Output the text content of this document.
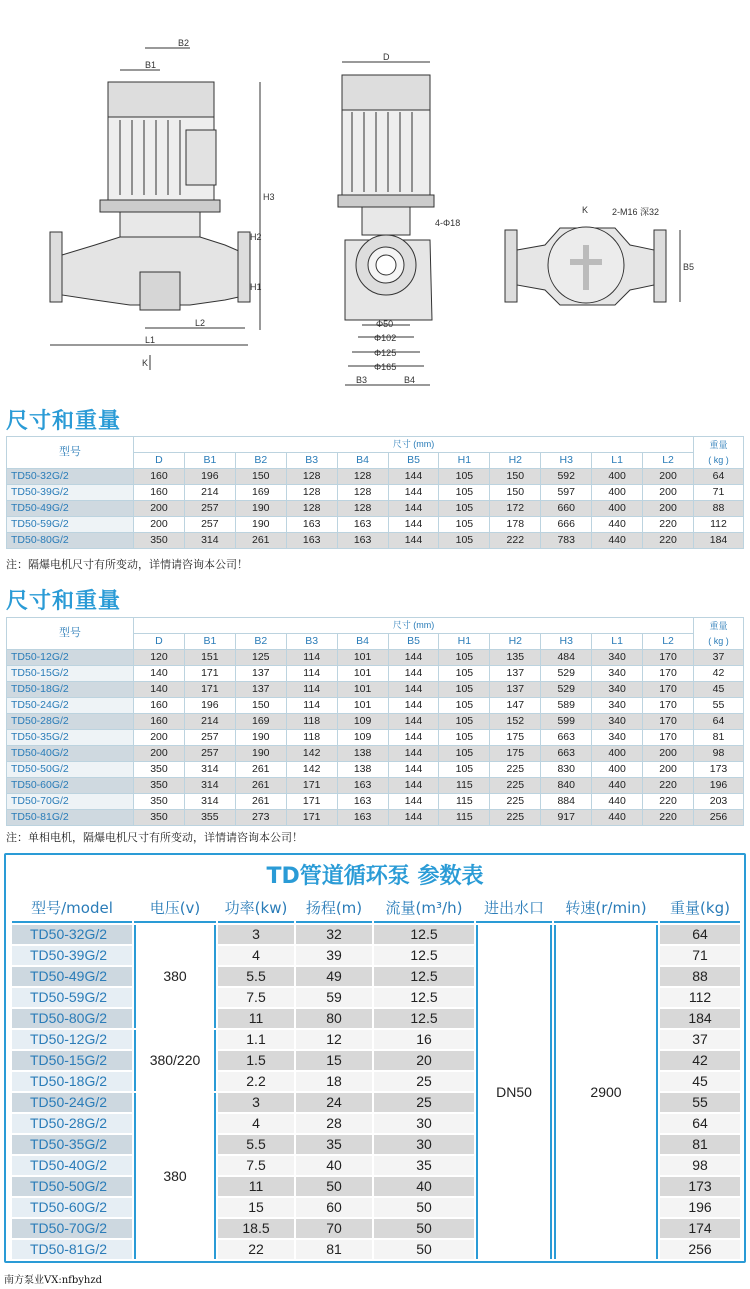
B2
B1
H3
H2
H1
L2
L1
K
D
4-Φ18
Φ50
Φ102
Φ125
Φ165
B3	B4
K	2-M16 深32
B5
尺寸和重量
型号	尺寸 (mm)											重量
( kg )

	D	B1	B2	B3	B4	B5	H1	H2	H3	L1	L2	
TD50-32G/2	160	196	150	128	128	144	105	150	592	400	200	64
TD50-39G/2	160	214	169	128	128	144	105	150	597	400	200	71
TD50-49G/2	200	257	190	128	128	144	105	172	660	400	200	88
TD50-59G/2	200	257	190	163	163	144	105	178	666	440	220	112
TD50-80G/2	350	314	261	163	163	144	105	222	783	440	220	184
注：隔爆电机尺寸有所变动，详情请咨询本公司！
尺寸和重量
型号	尺寸 (mm)											重量
( kg )

	D	B1	B2	B3	B4	B5	H1	H2	H3	L1	L2	
TD50-12G/2	120	151	125	114	101	144	105	135	484	340	170	37
TD50-15G/2	140	171	137	114	101	144	105	137	529	340	170	42
TD50-18G/2	140	171	137	114	101	144	105	137	529	340	170	45
TD50-24G/2	160	196	150	114	101	144	105	147	589	340	170	55
TD50-28G/2	160	214	169	118	109	144	105	152	599	340	170	64
TD50-35G/2	200	257	190	118	109	144	105	175	663	340	170	81
TD50-40G/2	200	257	190	142	138	144	105	175	663	400	200	98
TD50-50G/2	350	314	261	142	138	144	105	225	830	400	200	173
TD50-60G/2	350	314	261	171	163	144	115	225	840	440	220	196
TD50-70G/2	350	314	261	171	163	144	115	225	884	440	220	203
TD50-81G/2	350	355	273	171	163	144	115	225	917	440	220	256
注：单相电机，隔爆电机尺寸有所变动，详情请咨询本公司！
TD管道循环泵 参数表
型号/model	电压(v)	功率(kw)	扬程(m)	流量(m³/h)	进出水口	转速(r/min)	重量(kg)
TD50-32G/2	380	3	32	12.5	DN50	2900	64
TD50-39G/2		4	39	12.5			71
TD50-49G/2		5.5	49	12.5			88
TD50-59G/2		7.5	59	12.5			112
TD50-80G/2		11	80	12.5			184
TD50-12G/2	380/220	1.1	12	16			37
TD50-15G/2		1.5	15	20			42
TD50-18G/2		2.2	18	25			45
TD50-24G/2	380	3	24	25			55
TD50-28G/2		4	28	30			64
TD50-35G/2		5.5	35	30			81
TD50-40G/2		7.5	40	35			98
TD50-50G/2		11	50	40			173
TD50-60G/2		15	60	50			196
TD50-70G/2		18.5	70	50			174
TD50-81G/2		22	81	50			256
南方泵业VX:nfbyhzd
